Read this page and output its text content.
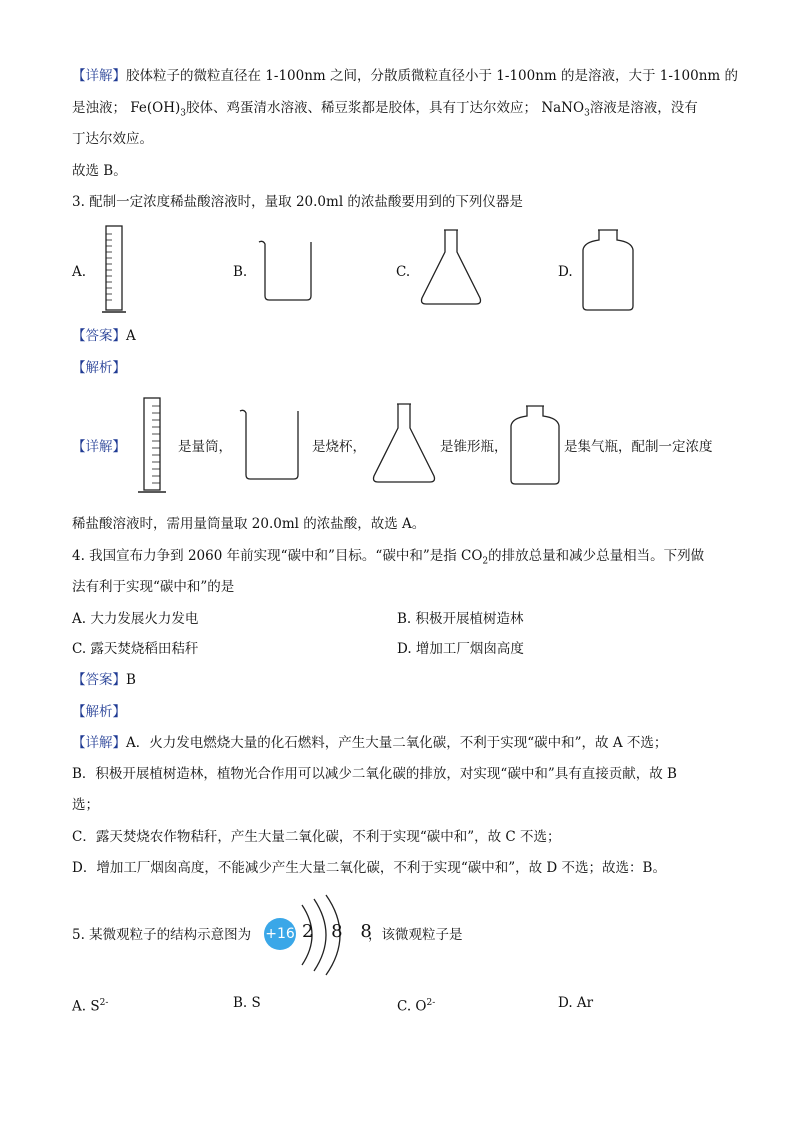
【详解】胶体粒子的微粒直径在 1-100nm 之间，分散质微粒直径小于 1-100nm 的是溶液，大于 1-100nm 的
是浊液； $Fe(OH)_3$胶体、鸡蛋清水溶液、稀豆浆都是胶体，具有丁达尔效应； NaNO$_3$溶液是溶液，没有
丁达尔效应。
故选 B。
3. 配制一定浓度稀盐酸溶液时，量取 20.0ml 的浓盐酸要用到的下列仪器是
A.	B.	C.	D.
【答案】A
【解析】
【详解】	是量筒，	是烧杯，	是锥形瓶，	是集气瓶，配制一定浓度
稀盐酸溶液时，需用量筒量取 20.0ml 的浓盐酸，故选 A。
4. 我国宣布力争到 2060 年前实现“碳中和”目标。“碳中和”是指 $CO_2$的排放总量和减少总量相当。下列做
法有利于实现“碳中和”的是
A. 大力发展火力发电	B. 积极开展植树造林
C. 露天焚烧稻田秸秆	D. 增加工厂烟囱高度
【答案】B
【解析】
【详解】A．火力发电燃烧大量的化石燃料，产生大量二氧化碳，不利于实现“碳中和”，故 A 不选；
B．积极开展植树造林，植物光合作用可以减少二氧化碳的排放，对实现“碳中和”具有直接贡献，故 B
选；
C．露天焚烧农作物秸秆，产生大量二氧化碳，不利于实现“碳中和”，故 C 不选；
D．增加工厂烟囱高度，不能减少产生大量二氧化碳，不利于实现“碳中和”，故 D 不选；故选：B。
5. 某微观粒子的结构示意图为 +16 2 8 8
，该微观粒子是
A. $S^{2-}$	B. S	C. $O^{2-}$	D. Ar
